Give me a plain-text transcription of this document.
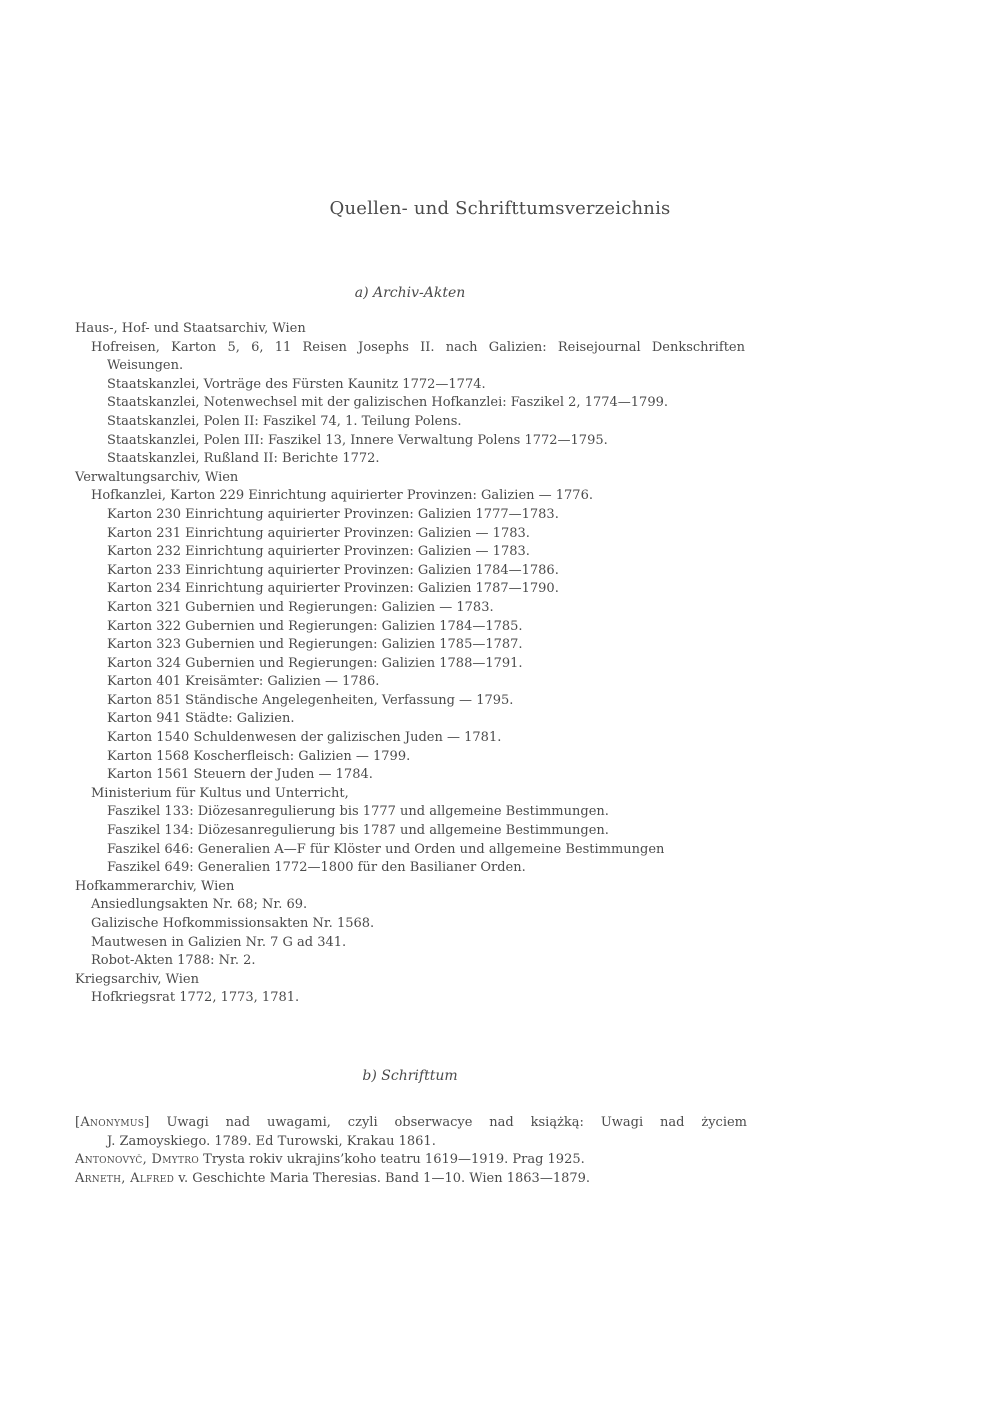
Quellen- und Schrifttumsverzeichnis
a) Archiv-Akten
Haus-, Hof- und Staatsarchiv, Wien
Hofreisen, Karton 5, 6, 11 Reisen Josephs II. nach Galizien: Reisejournal Denkschriften
Weisungen.
Staatskanzlei, Vorträge des Fürsten Kaunitz 1772—1774.
Staatskanzlei, Notenwechsel mit der galizischen Hofkanzlei: Faszikel 2, 1774—1799.
Staatskanzlei, Polen II: Faszikel 74, 1. Teilung Polens.
Staatskanzlei, Polen III: Faszikel 13, Innere Verwaltung Polens 1772—1795.
Staatskanzlei, Rußland II: Berichte 1772.
Verwaltungsarchiv, Wien
Hofkanzlei, Karton 229 Einrichtung aquirierter Provinzen: Galizien — 1776.
Karton 230 Einrichtung aquirierter Provinzen: Galizien 1777—1783.
Karton 231 Einrichtung aquirierter Provinzen: Galizien — 1783.
Karton 232 Einrichtung aquirierter Provinzen: Galizien — 1783.
Karton 233 Einrichtung aquirierter Provinzen: Galizien 1784—1786.
Karton 234 Einrichtung aquirierter Provinzen: Galizien 1787—1790.
Karton 321 Gubernien und Regierungen: Galizien — 1783.
Karton 322 Gubernien und Regierungen: Galizien 1784—1785.
Karton 323 Gubernien und Regierungen: Galizien 1785—1787.
Karton 324 Gubernien und Regierungen: Galizien 1788—1791.
Karton 401 Kreisämter: Galizien — 1786.
Karton 851 Ständische Angelegenheiten, Verfassung — 1795.
Karton 941 Städte: Galizien.
Karton 1540 Schuldenwesen der galizischen Juden — 1781.
Karton 1568 Koscherfleisch: Galizien — 1799.
Karton 1561 Steuern der Juden — 1784.
Ministerium für Kultus und Unterricht,
Faszikel 133: Diözesanregulierung bis 1777 und allgemeine Bestimmungen.
Faszikel 134: Diözesanregulierung bis 1787 und allgemeine Bestimmungen.
Faszikel 646: Generalien A—F für Klöster und Orden und allgemeine Bestimmungen
Faszikel 649: Generalien 1772—1800 für den Basilianer Orden.
Hofkammerarchiv, Wien
Ansiedlungsakten Nr. 68; Nr. 69.
Galizische Hofkommissionsakten Nr. 1568.
Mautwesen in Galizien Nr. 7 G ad 341.
Robot-Akten 1788: Nr. 2.
Kriegsarchiv, Wien
Hofkriegsrat 1772, 1773, 1781.
b) Schrifttum
[Anonymus] Uwagi nad uwagami, czyli obserwacye nad książką: Uwagi nad życiem
J. Zamoyskiego. 1789. Ed Turowski, Krakau 1861.
Antonovyč, Dmytro Trysta rokiv ukrajins’koho teatru 1619—1919. Prag 1925.
Arneth, Alfred v. Geschichte Maria Theresias. Band 1—10. Wien 1863—1879.
